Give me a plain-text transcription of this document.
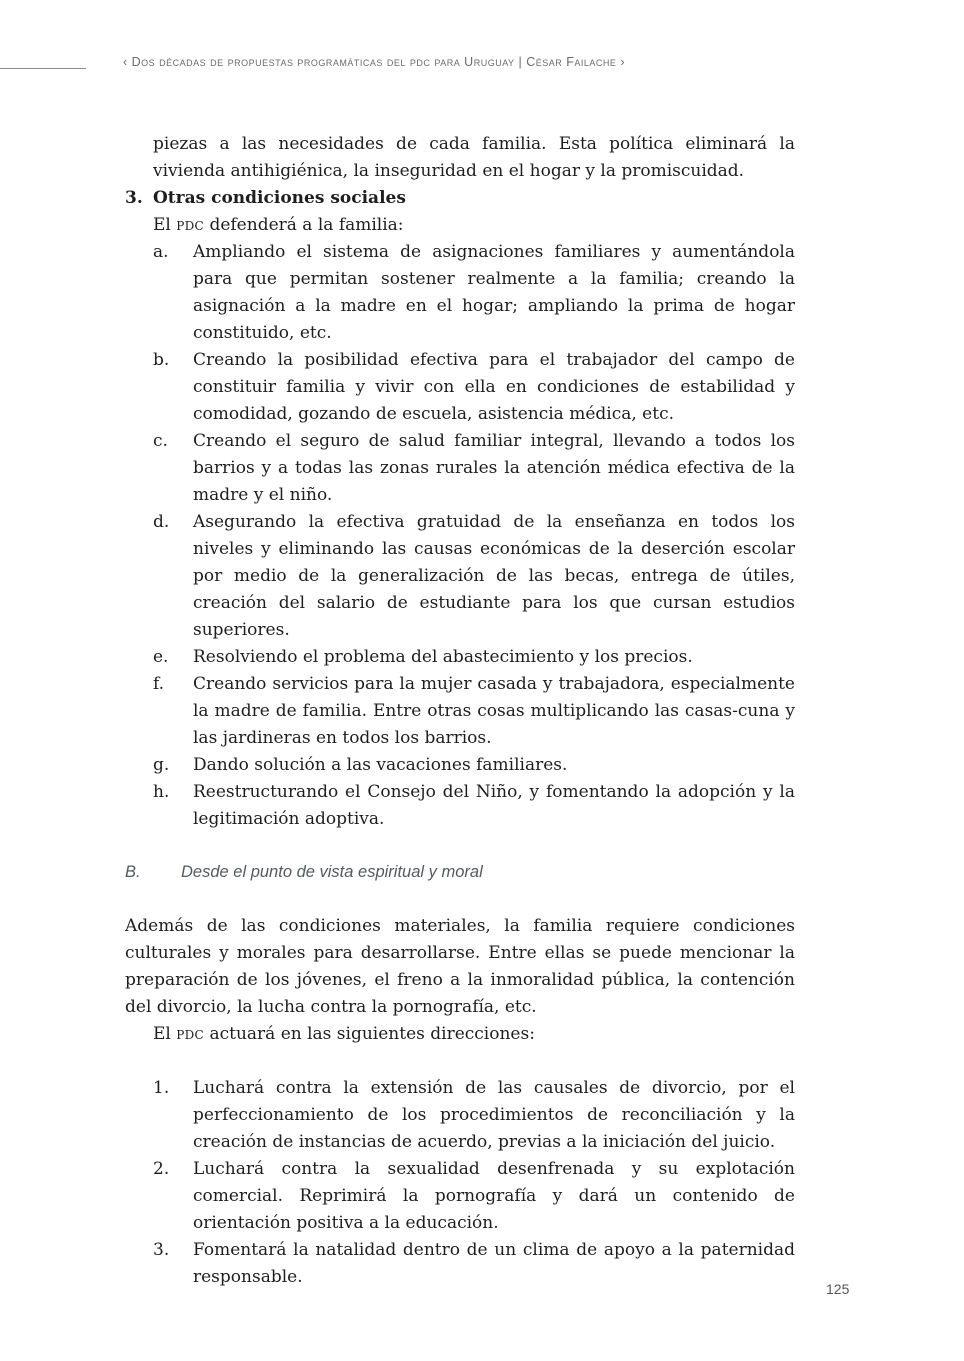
‹ Dos décadas de propuestas programáticas del pdc para Uruguay | César Failache ›

piezas a las necesidades de cada familia. Esta política eliminará la vivienda antihigiénica, la inseguridad en el hogar y la promiscuidad.

3. Otras condiciones sociales

El pdc defenderá a la familia:

a. Ampliando el sistema de asignaciones familiares y aumentándola para que permitan sostener realmente a la familia; creando la asignación a la madre en el hogar; ampliando la prima de hogar constituido, etc.
b. Creando la posibilidad efectiva para el trabajador del campo de constituir familia y vivir con ella en condiciones de estabilidad y comodidad, gozando de escuela, asistencia médica, etc.
c. Creando el seguro de salud familiar integral, llevando a todos los barrios y a todas las zonas rurales la atención médica efectiva de la madre y el niño.
d. Asegurando la efectiva gratuidad de la enseñanza en todos los niveles y eliminando las causas económicas de la deserción escolar por medio de la generalización de las becas, entrega de útiles, creación del salario de estudiante para los que cursan estudios superiores.
e. Resolviendo el problema del abastecimiento y los precios.
f. Creando servicios para la mujer casada y trabajadora, especialmente la madre de familia. Entre otras cosas multiplicando las casas-cuna y las jardineras en todos los barrios.
g. Dando solución a las vacaciones familiares.
h. Reestructurando el Consejo del Niño, y fomentando la adopción y la legitimación adoptiva.
B. Desde el punto de vista espiritual y moral

Además de las condiciones materiales, la familia requiere condiciones culturales y morales para desarrollarse. Entre ellas se puede mencionar la preparación de los jóvenes, el freno a la inmoralidad pública, la contención del divorcio, la lucha contra la pornografía, etc.

El pdc actuará en las siguientes direcciones:

1. Luchará contra la extensión de las causales de divorcio, por el perfeccionamiento de los procedimientos de reconciliación y la creación de instancias de acuerdo, previas a la iniciación del juicio.
2. Luchará contra la sexualidad desenfrenada y su explotación comercial. Reprimirá la pornografía y dará un contenido de orientación positiva a la educación.
3. Fomentará la natalidad dentro de un clima de apoyo a la paternidad responsable.
125
